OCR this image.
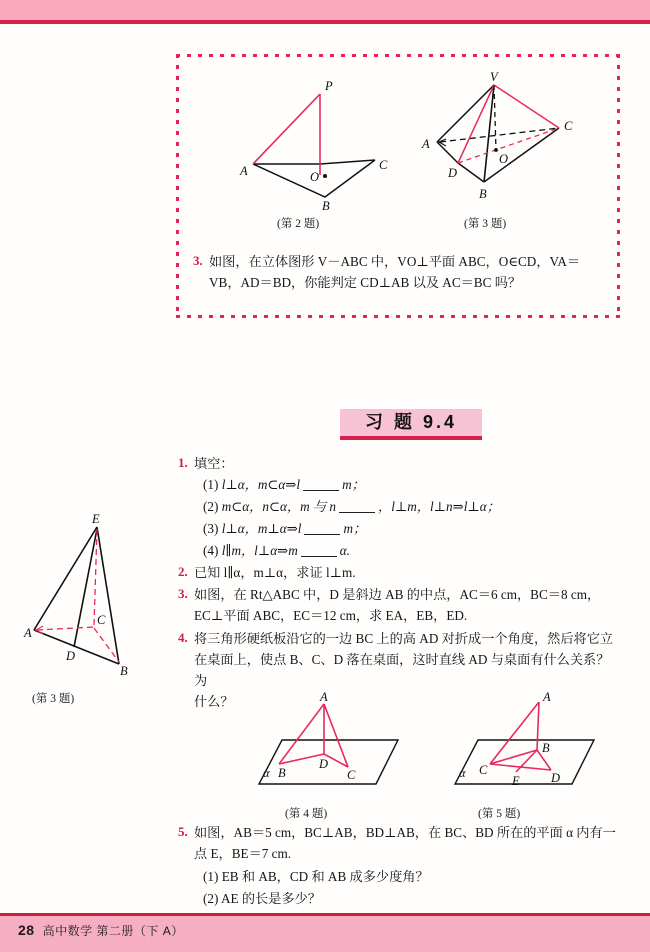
28 高中数学 第二册（下 A）
P
A
B
C
O
V
A
B
C
D
O
(第 2 题)	(第 3 题)
3. 如图，在立体图形 V－ABC 中，VO⊥平面 ABC，O∈CD，VA＝
VB，AD＝BD，你能判定 CD⊥AB 以及 AC＝BC 吗？
习 题 9.4
1. 填空：
(1) l⊥α，m⊂α⇒l	m；
(2) m⊂α，n⊂α，m 与 n	，l⊥m，l⊥n⇒l⊥α；
(3) l⊥α，m⊥α⇒l	m；
(4) l∥m，l⊥α⇒m	α.
2. 已知 l∥α，m⊥α，求证 l⊥m.
3. 如图，在 Rt△ABC 中，D 是斜边 AB 的中点，AC＝6 cm，BC＝8 cm，
EC⊥平面 ABC，EC＝12 cm，求 EA，EB，ED.
4. 将三角形硬纸板沿它的一边 BC 上的高 AD 对折成一个角度，然后将它立
在桌面上，使点 B、C、D 落在桌面，这时直线 AD 与桌面有什么关系？为
什么？
E
A
B
C
D
(第 3 题)	A
B	C
D
α
(第 4 题)
A
B
C
D
E
α
(第 5 题)
5. 如图，AB＝5 cm，BC⊥AB，BD⊥AB，在 BC、BD 所在的平面 α 内有一
点 E，BE＝7 cm.
(1) EB 和 AB，CD 和 AB 成多少度角？
(2) AE 的长是多少？
